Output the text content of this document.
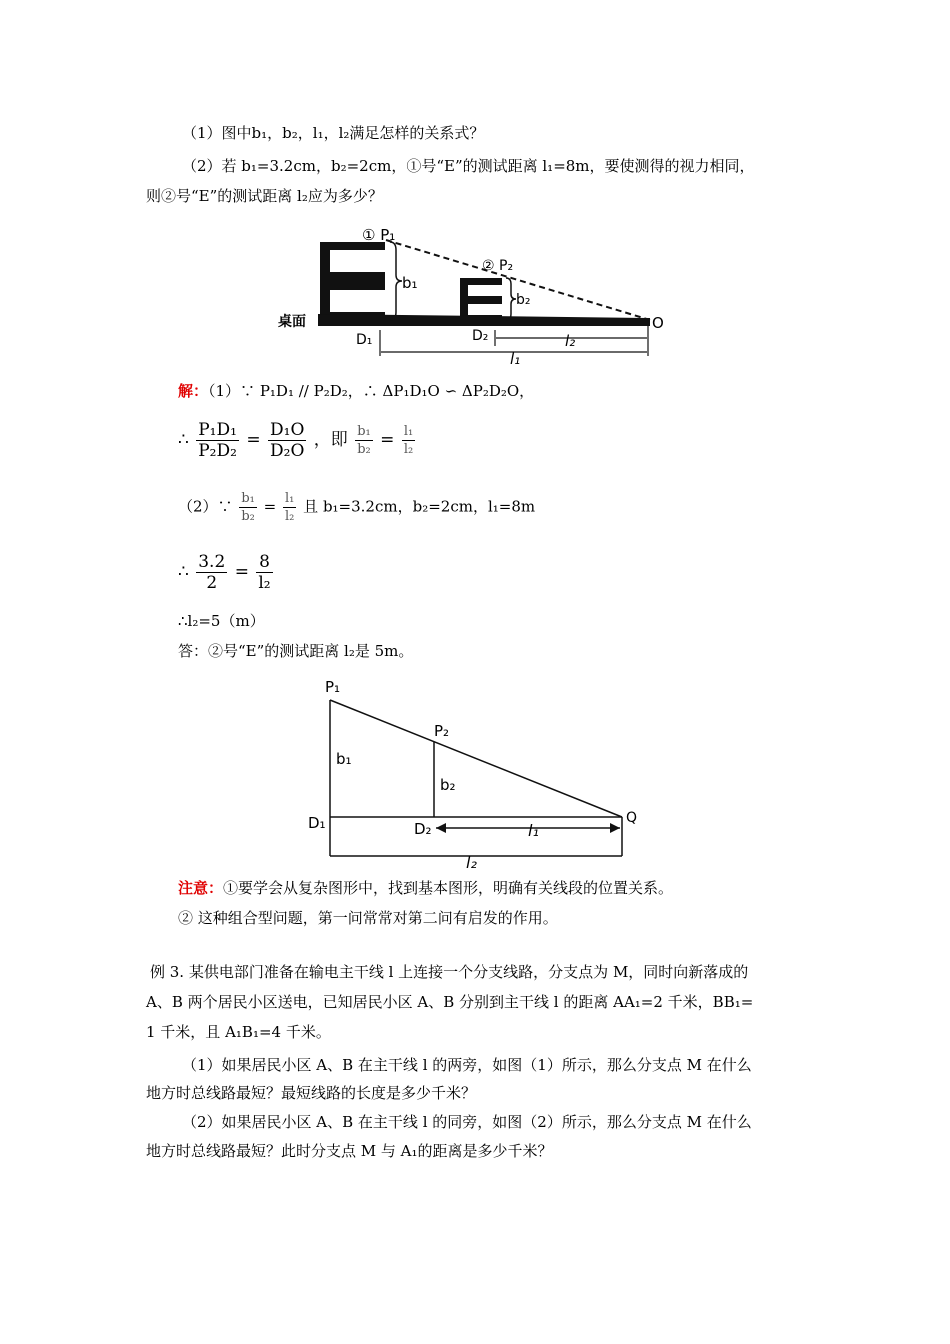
（1）图中b₁，b₂，l₁，l₂满足怎样的关系式？
（2）若 b₁=3.2cm，b₂=2cm，①号“E”的测试距离 l₁=8m，要使测得的视力相同，
则②号“E”的测试距离 l₂应为多少？
① P₁
② P₂
b₁
b₂
桌面
D₁	D₂
O
l₂
l₁
解：（1）∵ P₁D₁ // P₂D₂，∴ ΔP₁D₁O ∽ ΔP₂D₂O，
∴ $\frac{\text{P₁D₁}}{\text{P₂D₂}} = \frac{\text{D₁O}}{\text{D₂O}}$ ，即 $\frac{\text{b₁}}{\text{b₂}} = \frac{\text{l₁}}{\text{l₂}}$
（2）∵ $\frac{\text{b₁}}{\text{b₂}} = \frac{\text{l₁}}{\text{l₂}}$ 且 b₁=3.2cm，b₂=2cm，l₁=8m
∴ $\frac{3.2}{2} = \frac{8}{\text{l₂}}$
∴l₂=5（m）
答：②号“E”的测试距离 l₂是 5m。
P₁
P₂
b₁
b₂
D₁	D₂
Q
l₁
l₂
注意：①要学会从复杂图形中，找到基本图形，明确有关线段的位置关系。
② 这种组合型问题，第一问常常对第二问有启发的作用。
例 3. 某供电部门准备在输电主干线 l 上连接一个分支线路，分支点为 M，同时向新落成的
A、B 两个居民小区送电，已知居民小区 A、B 分别到主干线 l 的距离 AA₁=2 千米，BB₁=
1 千米，且 A₁B₁=4 千米。
（1）如果居民小区 A、B 在主干线 l 的两旁，如图（1）所示，那么分支点 M 在什么
地方时总线路最短？最短线路的长度是多少千米？
（2）如果居民小区 A、B 在主干线 l 的同旁，如图（2）所示，那么分支点 M 在什么
地方时总线路最短？此时分支点 M 与 A₁的距离是多少千米？
